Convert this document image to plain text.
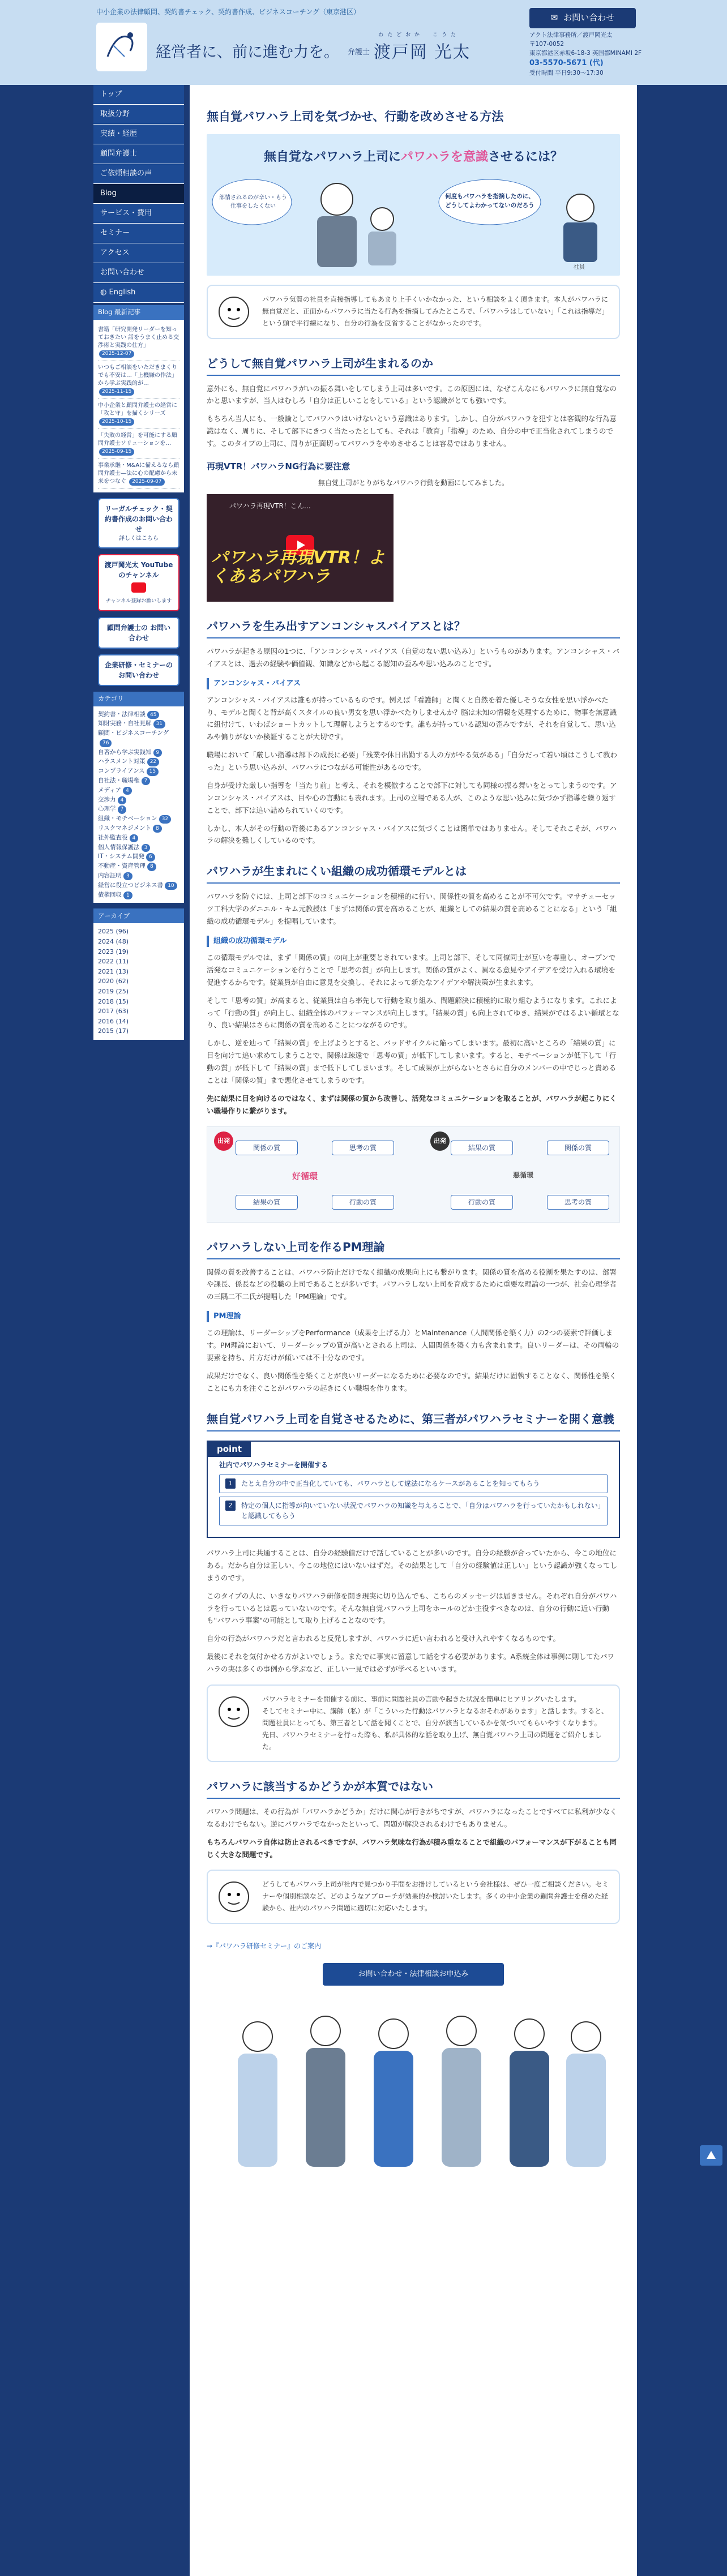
中小企業の法律顧問、契約書チェック、契約書作成、ビジネスコーチング（東京港区）
経営者に、前に進む力を。
わたどおか　こうた
弁護士 渡戸岡 光太
✉ お問い合わせ
アクト法律事務所／渡戸岡光太
〒107-0052
東京都港区赤坂6-18-3 英国都MINAMI 2F
03-5570-5671 (代)
受付時間 平日9:30〜17:30
トップ
取扱分野
実績・経歴
顧問弁護士
ご依頼相談の声
Blog
サービス・費用
セミナー
アクセス
お問い合わせ
◍ English
Blog 最新記事
書籍「研究開発リーダーを知っておきたい 話をうまく止める交渉術と実践の仕方」 2025-12-07
いつもご相談をいただきまくりでも不安は…「上機嫌の作法」から学ぶ実践的が… 2025-11-15
中小企業と顧問弁護士の経営に「攻と守」を描くシリーズ 2025-10-15
「失敗の経営」を可能にする顧問弁護士ソリューションを… 2025-09-15
事業承継・M&Aに備えるなら顧問弁護士—法に心の配慮から未来をつなぐ 2025-09-07
リーガルチェック・契約書作成のお問い合わせ
詳しくはこちら
渡戸岡光太 YouTubeのチャンネル
チャンネル登録お願いします
顧問弁護士の お問い合わせ
企業研修・セミナーの お問い合わせ
カテゴリ
契約書・法律相談 45
知財実務・自社見解 31
顧問・ビジネスコーチング76
自著から学ぶ実践知 9
ハラスメント対策 22
コンプライアンス 15
自社法・職場権 7
メディア 4
交渉力 4
心理学 7
組織・モチベーション 32
リスクマネジメント 8
社外監査役 4
個人情報保護法 3
IT・システム開発 6
不動産・資産管理 8
内容証明 3
経営に役立つビジネス書 10
債権回収 1
アーカイブ
2025 (96)
2024 (48)
2023 (19)
2022 (11)
2021 (13)
2020 (62)
2019 (25)
2018 (15)
2017 (63)
2016 (14)
2015 (17)
無自覚パワハラ上司を気づかせ、行動を改めさせる方法
無自覚なパワハラ上司にパワハラを意識させるには？
部情されるのが辛い・もう仕事をしたくない
何度もパワハラを指摘したのに、どうしてよわかってないのだろう
社員

パワハラ気質の社員を直接指導してもあまり上手くいかなかった、という相談をよく頂きます。本人がパワハラに無自覚だと、正面からパワハラに当たる行為を指摘してみたところで、「パワハラはしていない」「これは指導だ」という頭で平行線になり、自分の行為を反省することがなかったのです。

どうして無自覚パワハラ上司が生まれるのか

意外にも、無自覚にパワハラがいの振る舞いをしてしまう上司は多いです。この原因には、なぜこんなにもパワハラに無自覚なのかと思いますが、当人はむしろ「自分は正しいことをしている」という認識がとても強いです。

もちろん当人にも、一般論としてパワハラはいけないという意識はあります。しかし、自分がパワハラを犯すとは客観的な行為意識はなく、周りに、そして部下にきつく当たったとしても、それは「教育」「指導」のため、自分の中で正当化されてしまうのです。このタイプの上司に、周りが正面切ってパワハラをやめさせることは容易ではありません。

再現VTR！パワハラNG行為に要注意
無自覚上司がとりがちなパワハラ行動を動画にしてみました。
パワハラ再現VTR！こん…
パワハラ再現VTR！よくあるパワハラ
パワハラを生み出すアンコンシャスバイアスとは？

パワハラが起きる原因の1つに、「アンコンシャス・バイアス（自覚のない思い込み）」というものがあります。アンコンシャス・バイアスとは、過去の経験や価値観、知識などから起こる認知の歪みや思い込みのことです。

アンコンシャス・バイアス

アンコンシャス・バイアスは誰もが持っているものです。例えば「看護師」と聞くと自然を着た優しそうな女性を思い浮かべたり、モデルと聞くと背が高くスタイルの良い男女を思い浮かべたりしませんか？脳は未知の情報を処理するために、物事を無意識に紐付けて、いわばショートカットして理解しようとするのです。誰もが持っている認知の歪みですが、それを自覚して、思い込みや偏りがないか検証することが大切です。

職場において「厳しい指導は部下の成長に必要」「残業や休日出勤する人の方がやる気がある」「自分だって若い頃はこうして教わった」という思い込みが、パワハラにつながる可能性があるのです。

自身が受けた厳しい指導を「当たり前」と考え、それを模倣することで部下に対しても同様の振る舞いをとってしまうのです。アンコンシャス・バイアスは、目や心の言動にも表れます。上司の立場である人が、このような思い込みに気づかず指導を繰り返すことで、部下は追い詰められていくのです。

しかし、本人がその行動の背後にあるアンコンシャス・バイアスに気づくことは簡単ではありません。そしてそれこそが、パワハラの解決を難しくしているのです。

パワハラが生まれにくい組織の成功循環モデルとは

パワハラを防ぐには、上司と部下のコミュニケーションを積極的に行い、関係性の質を高めることが不可欠です。マサチューセッツ工科大学のダニエル・キム元教授は「まずは関係の質を高めることが、組織としての結果の質を高めることになる」という「組織の成功循環モデル」を提唱しています。

組織の成功循環モデル

この循環モデルでは、まず「関係の質」の向上が重要とされています。上司と部下、そして同僚同士が互いを尊重し、オープンで活発なコミュニケーションを行うことで「思考の質」が向上します。関係の質がよく、異なる意見やアイデアを受け入れる環境を促進するからです。従業員が自由に意見を交換し、それによって新たなアイデアや解決策が生まれます。

そして「思考の質」が高まると、従業員は自ら率先して行動を取り組み、問題解決に積極的に取り組むようになります。これによって「行動の質」が向上し、組織全体のパフォーマンスが向上します。「結果の質」も向上されてゆき、結果がではるよい循環となり、良い結果はさらに関係の質を高めることにつながるのです。

しかし、逆を辿って「結果の質」を上げようとすると、バッドサイクルに陥ってしまいます。最初に高いところの「結果の質」に目を向けて追い求めてしまうことで、関係は疎遠で「思考の質」が低下してしまいます。すると、モチベーションが低下して「行動の質」が低下して「結果の質」まで低下してしまいます。そして成果が上がらないとさらに自分のメンバーの中でじっと責めることは「関係の質」まで悪化させてしまうのです。

先に結果に目を向けるのではなく、まずは関係の質から改善し、活発なコミュニケーションを取ることが、パワハラが起こりにくい職場作りに繋がります。

出発
関係の質	思考の質
行動の質
結果の質
好循環
出発
結果の質	関係の質
思考の質
行動の質
悪循環
パワハラしない上司を作るPM理論

関係の質を改善することは、パワハラ防止だけでなく組織の成果向上にも繋がります。関係の質を高める役割を果たすのは、部署や課長、係長などの役職の上司であることが多いです。パワハラしない上司を育成するために重要な理論の一つが、社会心理学者の三隅二不二氏が提唱した「PM理論」です。

PM理論

この理論は、リーダーシップをPerformance（成果を上げる力）とMaintenance（人間関係を築く力）の2つの要素で評価します。PM理論において、リーダーシップの質が高いとされる上司は、人間関係を築く力も含まれます。良いリーダーは、その両輪の要素を持ち、片方だけが傾いては不十分なのです。

成果だけでなく、良い関係性を築くことが良いリーダーになるために必要なのです。結果だけに固執することなく、関係性を築くことにも力を注ぐことがパワハラの起きにくい職場を作ります。

無自覚パワハラ上司を自覚させるために、第三者がパワハラセミナーを開く意義
point
社内でパワハラセミナーを開催する
1	たとえ自分の中で正当化していても、パワハラとして違法になるケースがあることを知ってもらう
2	特定の個人に指導が向いていない状況でパワハラの知識を与えることで、「自分はパワハラを行っていたかもしれない」と認識してもらう

パワハラ上司に共通することは、自分の経験値だけで話していることが多いのです。自分の経験が合っていたから、今この地位にある。だから自分は正しい、今この地位にはいないはずだ。その結果として「自分の経験値は正しい」という認識が強くなってしまうのです。

このタイプの人に、いきなりパワハラ研修を開き現実に切り込んでも、こちらのメッセージは届きません。それぞれ自分がパワハラを行っているとは思っていないのです。そんな無自覚パワハラ上司をホールのどか主役すべきなのは、自分の行動に近い行動も"パワハラ事案"の可能として取り上げることなのです。

自分の行為がパワハラだと言われると反発しますが、パワハラに近い言われると受け入れやすくなるものです。

最後にそれを気付かせる方がよいでしょう。またでに事実に留意して話をする必要があります。A系統全体は事例に則してたパワハラの実は多くの事例から学ぶなど、正しい一見では必ずが学べるといいます。

パワハラセミナーを開催する前に、事前に問題社員の言動や起きた状況を簡単にヒアリングいたします。
そしてセミナー中に、講師（私）が「こういった行動はパワハラとなるおそれがあります」と話します。すると、問題社員にとっても、第三者として話を聞くことで、自分が該当しているかを気づいてもらいやすくなります。
先日、パワハラセミナーを行った際も、私が具体的な話を取り上げ、無自覚パワハラ上司の問題をご紹介しました。

パワハラに該当するかどうかが本質ではない

パワハラ問題は、その行為が「パワハラかどうか」だけに関心が行きがちですが、パワハラになったことですべてに私利が少なくなるわけでもない。逆にパワハラでなかったといって、問題が解決されるわけでもありません。

もちろんパワハラ自体は防止されるべきですが、パワハラ気味な行為が積み重なることで組織のパフォーマンスが下がることも同じく大きな問題です。

どうしてもパワハラ上司が社内で見つかり手間をお掛けしているという会社様は、ぜひ一度ご相談ください。セミナーや個別相談など、どのようなアプローチが効果的か検討いたします。多くの中小企業の顧問弁護士を務めた経験から、社内のパワハラ問題に適切に対応いたします。

→『パワハラ研修セミナー』のご案内
お問い合わせ・法律相談お申込み
